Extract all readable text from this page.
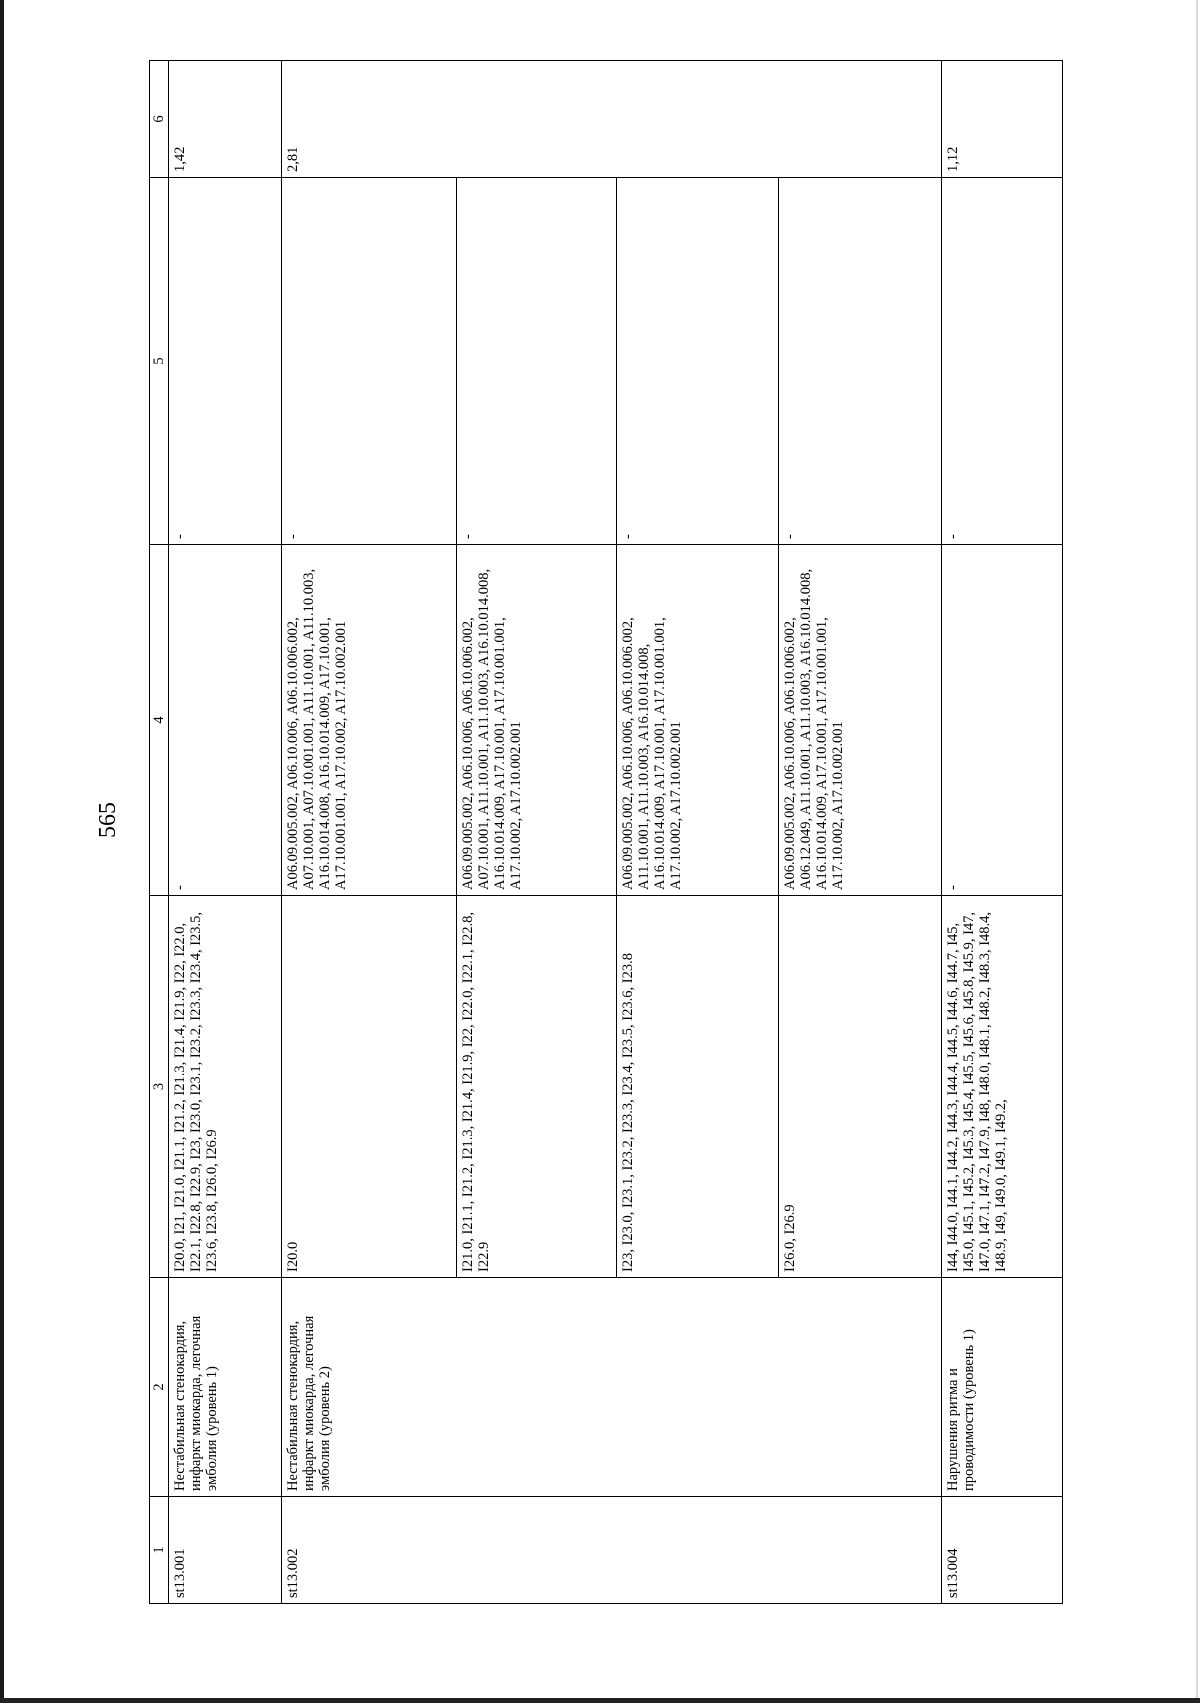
565
1	2	3	4	5	6
st13.001	Нестабильная стенокардия, инфаркт миокарда, легочная эмболия (уровень 1)	I20.0, I21, I21.0, I21.1, I21.2, I21.3, I21.4, I21.9, I22, I22.0, I22.1, I22.8, I22.9, I23, I23.0, I23.1, I23.2, I23.3, I23.4, I23.5, I23.6, I23.8, I26.0, I26.9	-	-	1,42
st13.002	Нестабильная стенокардия, инфаркт миокарда, легочная эмболия (уровень 2)	I20.0	A06.09.005.002, A06.10.006, A06.10.006.002, A07.10.001, A07.10.001.001, A11.10.001, A11.10.003, A16.10.014.008, A16.10.014.009, A17.10.001, A17.10.001.001, A17.10.002, A17.10.002.001	-	2,81
		I21.0, I21.1, I21.2, I21.3, I21.4, I21.9, I22, I22.0, I22.1, I22.8, I22.9	A06.09.005.002, A06.10.006, A06.10.006.002, A07.10.001, A11.10.001, A11.10.003, A16.10.014.008, A16.10.014.009, A17.10.001, A17.10.001.001, A17.10.002, A17.10.002.001	-	
		I23, I23.0, I23.1, I23.2, I23.3, I23.4, I23.5, I23.6, I23.8	A06.09.005.002, A06.10.006, A06.10.006.002, A11.10.001, A11.10.003, A16.10.014.008, A16.10.014.009, A17.10.001, A17.10.001.001, A17.10.002, A17.10.002.001	-	
		I26.0, I26.9	A06.09.005.002, A06.10.006, A06.10.006.002, A06.12.049, A11.10.001, A11.10.003, A16.10.014.008, A16.10.014.009, A17.10.001, A17.10.001.001, A17.10.002, A17.10.002.001	-	
st13.004	Нарушения ритма и проводимости (уровень 1)	I44, I44.0, I44.1, I44.2, I44.3, I44.4, I44.5, I44.6, I44.7, I45, I45.0, I45.1, I45.2, I45.3, I45.4, I45.5, I45.6, I45.8, I45.9, I47, I47.0, I47.1, I47.2, I47.9, I48, I48.0, I48.1, I48.2, I48.3, I48.4, I48.9, I49, I49.0, I49.1, I49.2,	-	-	1,12
